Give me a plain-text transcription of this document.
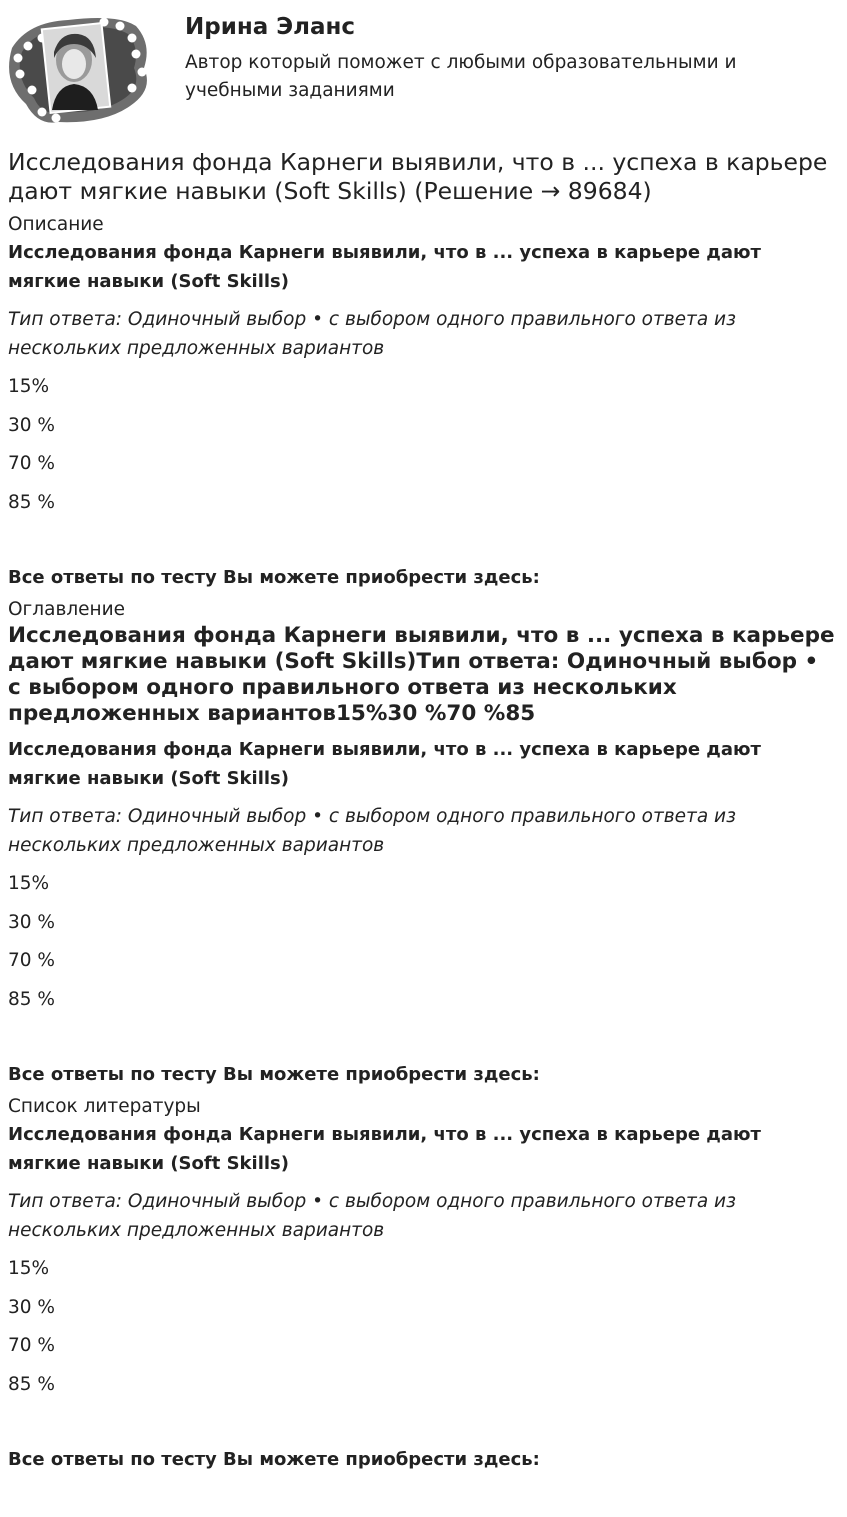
Ирина Эланс
Автор который поможет с любыми образовательными и учебными заданиями
Исследования фонда Карнеги выявили, что в ... успеха в карьере дают мягкие навыки (Soft Skills) (Решение → 89684)
Описание
Исследования фонда Карнеги выявили, что в ... успеха в карьере дают мягкие навыки (Soft Skills)
Тип ответа: Одиночный выбор • с выбором одного правильного ответа из нескольких предложенных вариантов
15%
30 %
70 %
85 %
Все ответы по тесту Вы можете приобрести здесь:
Оглавление
Исследования фонда Карнеги выявили, что в ... успеха в карьере дают мягкие навыки (Soft Skills)Тип ответа: Одиночный выбор • с выбором одного правильного ответа из нескольких предложенных вариантов15%30 %70 %85
Исследования фонда Карнеги выявили, что в ... успеха в карьере дают мягкие навыки (Soft Skills)
Тип ответа: Одиночный выбор • с выбором одного правильного ответа из нескольких предложенных вариантов
15%
30 %
70 %
85 %
Все ответы по тесту Вы можете приобрести здесь:
Список литературы
Исследования фонда Карнеги выявили, что в ... успеха в карьере дают мягкие навыки (Soft Skills)
Тип ответа: Одиночный выбор • с выбором одного правильного ответа из нескольких предложенных вариантов
15%
30 %
70 %
85 %
Все ответы по тесту Вы можете приобрести здесь:
